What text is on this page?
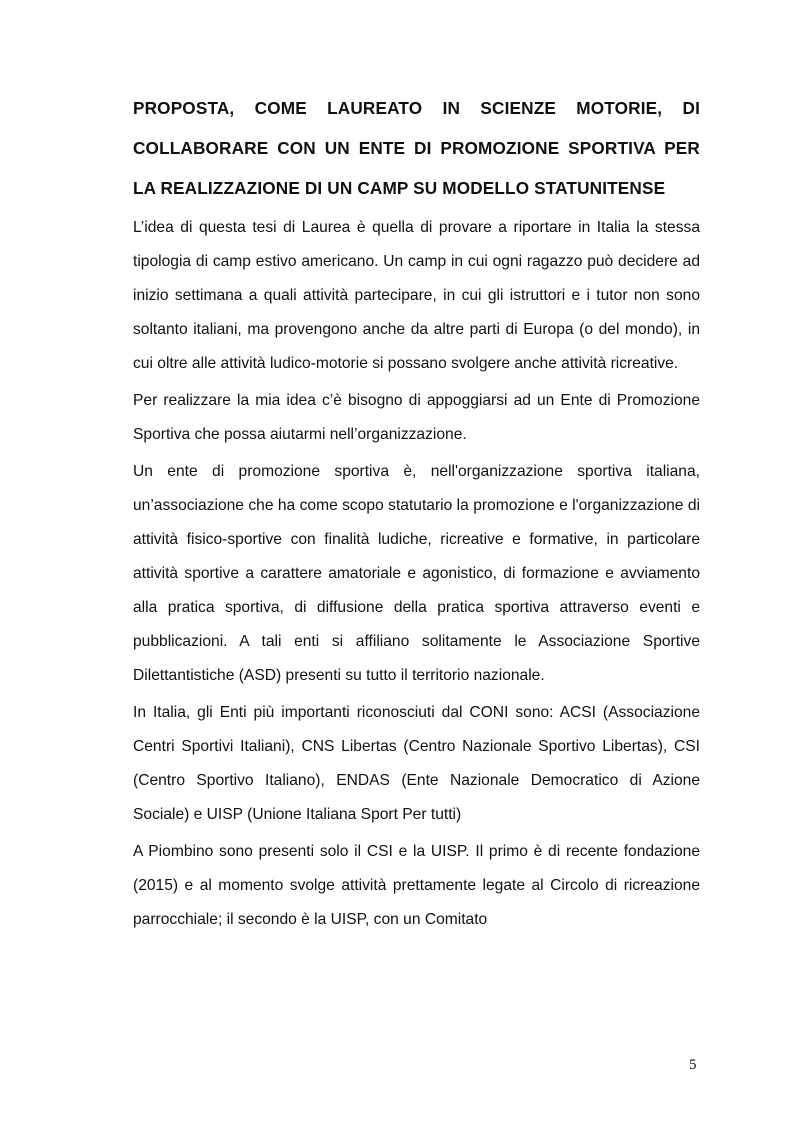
PROPOSTA, COME LAUREATO IN SCIENZE MOTORIE, DI COLLABORARE CON UN ENTE DI PROMOZIONE SPORTIVA PER
LA REALIZZAZIONE DI UN CAMP SU MODELLO STATUNITENSE

L’idea di questa tesi di Laurea è quella di provare a riportare in Italia la stessa tipologia di camp estivo americano. Un camp in cui ogni ragazzo può decidere ad inizio settimana a quali attività partecipare, in cui gli istruttori e i tutor non sono soltanto italiani, ma provengono anche da altre parti di Europa (o del mondo), in cui oltre alle attività ludico-motorie si possano svolgere anche attività ricreative.

Per realizzare la mia idea c’è bisogno di appoggiarsi ad un Ente di Promozione Sportiva che possa aiutarmi nell’organizzazione.

Un ente di promozione sportiva è, nell'organizzazione sportiva italiana, un’associazione che ha come scopo statutario la promozione e l'organizzazione di attività fisico-sportive con finalità ludiche, ricreative e formative, in particolare attività sportive a carattere amatoriale e agonistico, di formazione e avviamento alla pratica sportiva, di diffusione della pratica sportiva attraverso eventi e pubblicazioni. A tali enti si affiliano solitamente le Associazione Sportive Dilettantistiche (ASD) presenti su tutto il territorio nazionale.

In Italia, gli Enti più importanti riconosciuti dal CONI sono: ACSI (Associazione Centri Sportivi Italiani), CNS Libertas (Centro Nazionale Sportivo Libertas), CSI (Centro Sportivo Italiano), ENDAS (Ente Nazionale Democratico di Azione Sociale) e UISP (Unione Italiana Sport Per tutti)

A Piombino sono presenti solo il CSI e la UISP. Il primo è di recente fondazione (2015) e al momento svolge attività prettamente legate al Circolo di ricreazione parrocchiale; il secondo è la UISP, con un Comitato

5
